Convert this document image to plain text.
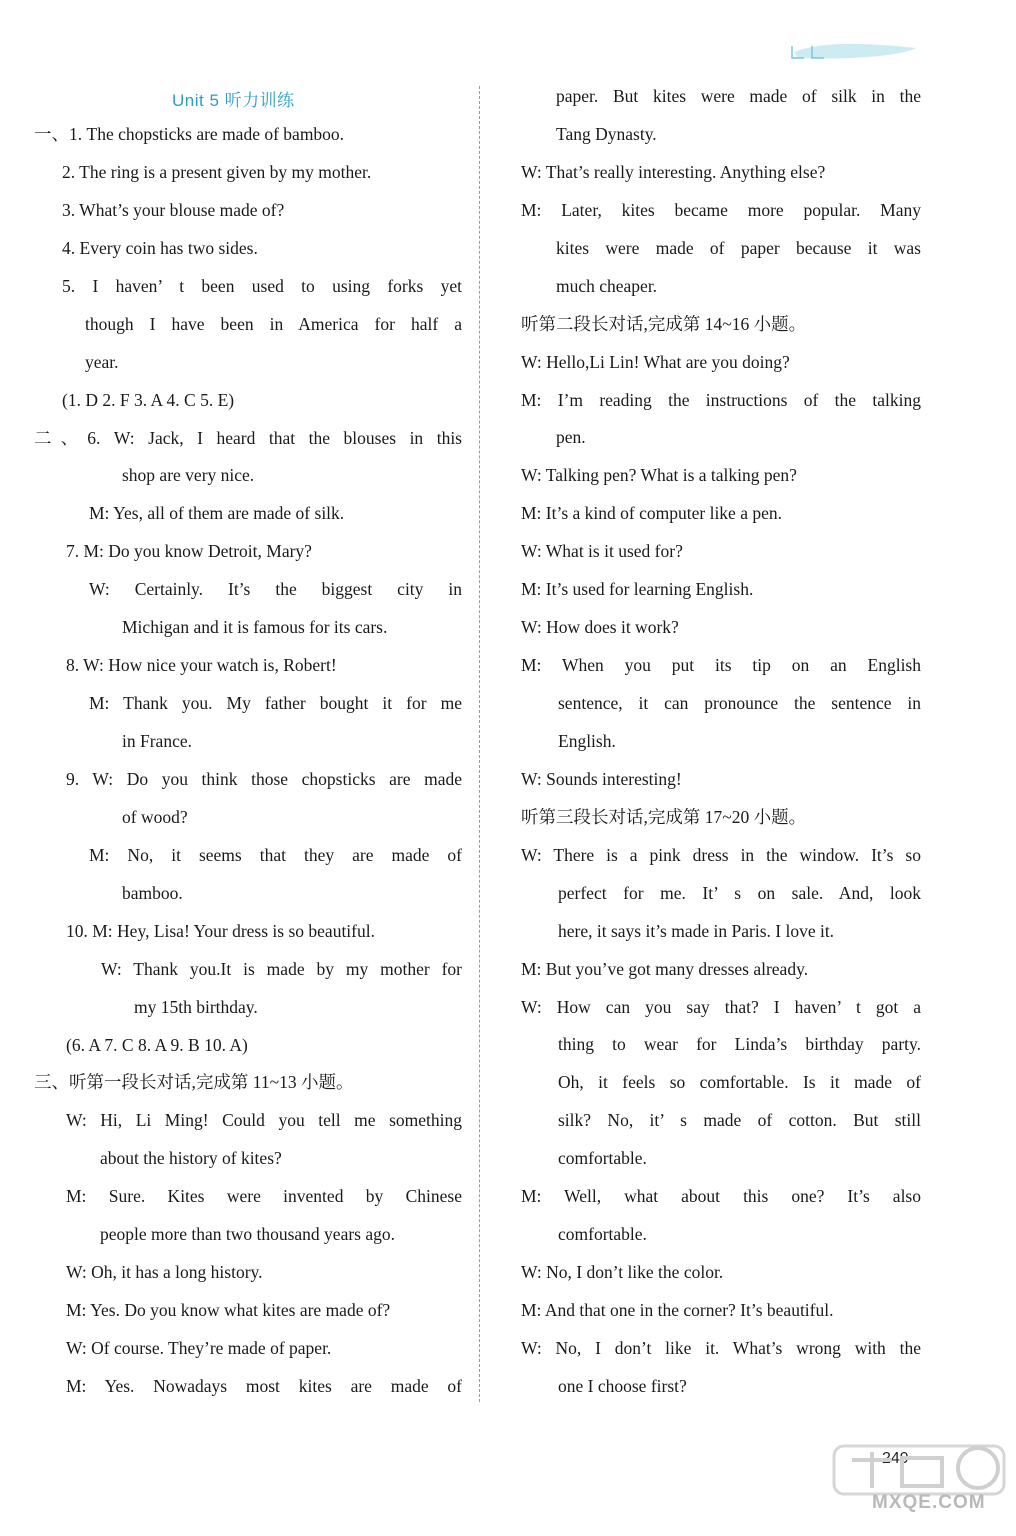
Unit 5 听力训练
一、1. The chopsticks are made of bamboo.
2. The ring is a present given by my mother.
3. What’s your blouse made of?
4. Every coin has two sides.
5. I haven’ t been used to using forks yet
though I have been in America for half a
year.
(1. D 2. F 3. A 4. C 5. E)
二、6. W: Jack, I heard that the blouses in this
shop are very nice.
M: Yes, all of them are made of silk.
7. M: Do you know Detroit, Mary?
W: Certainly. It’s the biggest city in
Michigan and it is famous for its cars.
8. W: How nice your watch is, Robert!
M: Thank you. My father bought it for me
in France.
9. W: Do you think those chopsticks are made
of wood?
M: No, it seems that they are made of
bamboo.
10. M: Hey, Lisa! Your dress is so beautiful.
W: Thank you.It is made by my mother for
my 15th birthday.
(6. A 7. C 8. A 9. B 10. A)
三、听第一段长对话,完成第 11~13 小题。
W: Hi, Li Ming! Could you tell me something
about the history of kites?
M: Sure. Kites were invented by Chinese
people more than two thousand years ago.
W: Oh, it has a long history.
M: Yes. Do you know what kites are made of?
W: Of course. They’re made of paper.
M: Yes. Nowadays most kites are made of
paper. But kites were made of silk in the
Tang Dynasty.
W: That’s really interesting. Anything else?
M: Later, kites became more popular. Many
kites were made of paper because it was
much cheaper.
听第二段长对话,完成第 14~16 小题。
W: Hello,Li Lin! What are you doing?
M: I’m reading the instructions of the talking
pen.
W: Talking pen? What is a talking pen?
M: It’s a kind of computer like a pen.
W: What is it used for?
M: It’s used for learning English.
W: How does it work?
M: When you put its tip on an English
sentence, it can pronounce the sentence in
English.
W: Sounds interesting!
听第三段长对话,完成第 17~20 小题。
W: There is a pink dress in the window. It’s so
perfect for me. It’ s on sale. And, look
here, it says it’s made in Paris. I love it.
M: But you’ve got many dresses already.
W: How can you say that? I haven’ t got a
thing to wear for Linda’s birthday party.
Oh, it feels so comfortable. Is it made of
silk? No, it’ s made of cotton. But still
comfortable.
M: Well, what about this one? It’s also
comfortable.
W: No, I don’t like the color.
M: And that one in the corner? It’s beautiful.
W: No, I don’t like it. What’s wrong with the
one I choose first?
249
MXQE.COM
